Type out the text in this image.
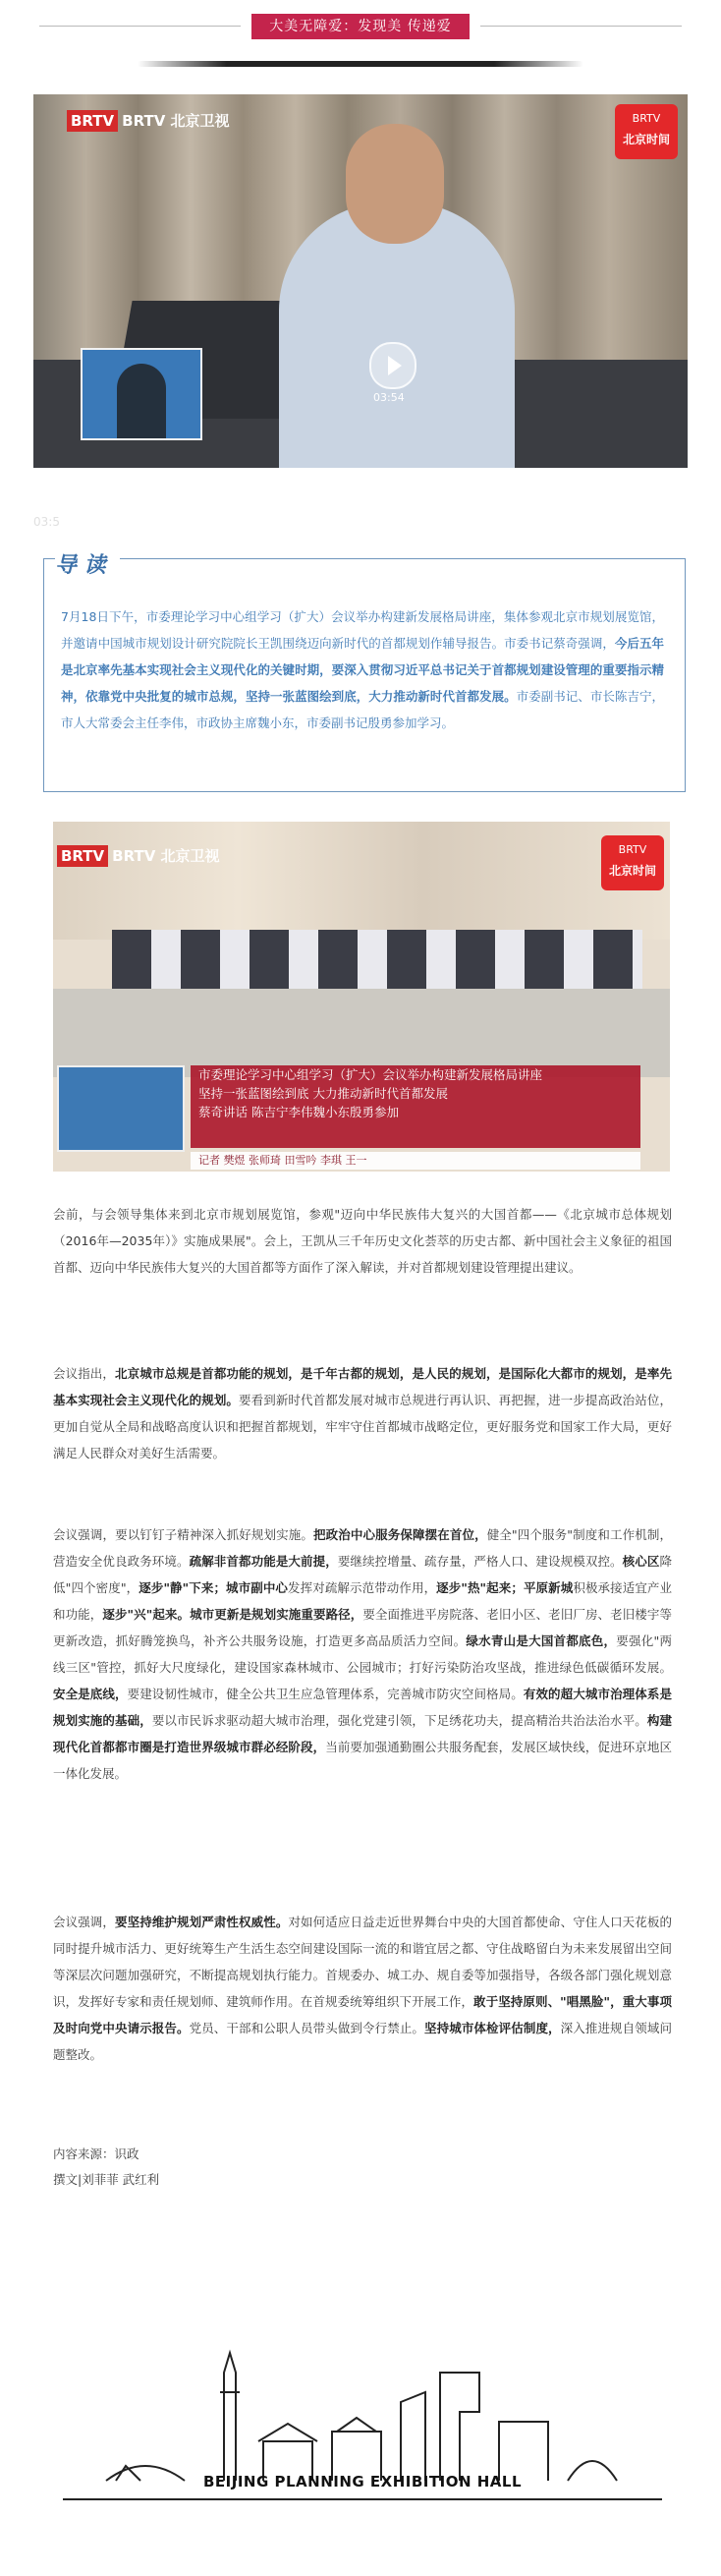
大美无障爱：发现美 传递爱
BRTV BRTV 北京卫视	BRTV
北京时间
03:54
03:5
导 读
7月18日下午，市委理论学习中心组学习（扩大）会议举办构建新发展格局讲座，集体参观北京市规划展览馆，并邀请中国城市规划设计研究院院长王凯围绕迈向新时代的首都规划作辅导报告。市委书记蔡奇强调，今后五年是北京率先基本实现社会主义现代化的关键时期，要深入贯彻习近平总书记关于首都规划建设管理的重要指示精神，依靠党中央批复的城市总规，坚持一张蓝图绘到底，大力推动新时代首都发展。市委副书记、市长陈吉宁，市人大常委会主任李伟，市政协主席魏小东，市委副书记殷勇参加学习。
BRTV BRTV 北京卫视	BRTV
北京时间
市委理论学习中心组学习（扩大）会议举办构建新发展格局讲座
坚持一张蓝图绘到底 大力推动新时代首都发展
蔡奇讲话 陈吉宁李伟魏小东殷勇参加
记者 樊煜 张师琦 田雪吟 李琪 王一
会前，与会领导集体来到北京市规划展览馆，参观"迈向中华民族伟大复兴的大国首都——《北京城市总体规划（2016年—2035年）》实施成果展"。会上，王凯从三千年历史文化荟萃的历史古都、新中国社会主义象征的祖国首都、迈向中华民族伟大复兴的大国首都等方面作了深入解读，并对首都规划建设管理提出建议。
会议指出，北京城市总规是首都功能的规划，是千年古都的规划，是人民的规划，是国际化大都市的规划，是率先基本实现社会主义现代化的规划。要看到新时代首都发展对城市总规进行再认识、再把握，进一步提高政治站位，更加自觉从全局和战略高度认识和把握首都规划，牢牢守住首都城市战略定位，更好服务党和国家工作大局，更好满足人民群众对美好生活需要。
会议强调，要以钉钉子精神深入抓好规划实施。把政治中心服务保障摆在首位，健全"四个服务"制度和工作机制，营造安全优良政务环境。疏解非首都功能是大前提，要继续控增量、疏存量，严格人口、建设规模双控。核心区降低"四个密度"，逐步"静"下来；城市副中心发挥对疏解示范带动作用，逐步"热"起来；平原新城积极承接适宜产业和功能，逐步"兴"起来。城市更新是规划实施重要路径，要全面推进平房院落、老旧小区、老旧厂房、老旧楼宇等更新改造，抓好腾笼换鸟，补齐公共服务设施，打造更多高品质活力空间。绿水青山是大国首都底色，要强化"两线三区"管控，抓好大尺度绿化，建设国家森林城市、公园城市；打好污染防治攻坚战，推进绿色低碳循环发展。安全是底线，要建设韧性城市，健全公共卫生应急管理体系，完善城市防灾空间格局。有效的超大城市治理体系是规划实施的基础，要以市民诉求驱动超大城市治理，强化党建引领，下足绣花功夫，提高精治共治法治水平。构建现代化首都都市圈是打造世界级城市群必经阶段，当前要加强通勤圈公共服务配套，发展区域快线，促进环京地区一体化发展。
会议强调，要坚持维护规划严肃性权威性。对如何适应日益走近世界舞台中央的大国首都使命、守住人口天花板的同时提升城市活力、更好统筹生产生活生态空间建设国际一流的和谐宜居之都、守住战略留白为未来发展留出空间等深层次问题加强研究，不断提高规划执行能力。首规委办、城工办、规自委等加强指导，各级各部门强化规划意识，发挥好专家和责任规划师、建筑师作用。在首规委统筹组织下开展工作，敢于坚持原则、"唱黑脸"，重大事项及时向党中央请示报告。党员、干部和公职人员带头做到令行禁止。坚持城市体检评估制度，深入推进规自领域问题整改。
内容来源：识政
撰文|刘菲菲 武红利
BEIJING PLANNING EXHIBITION HALL
